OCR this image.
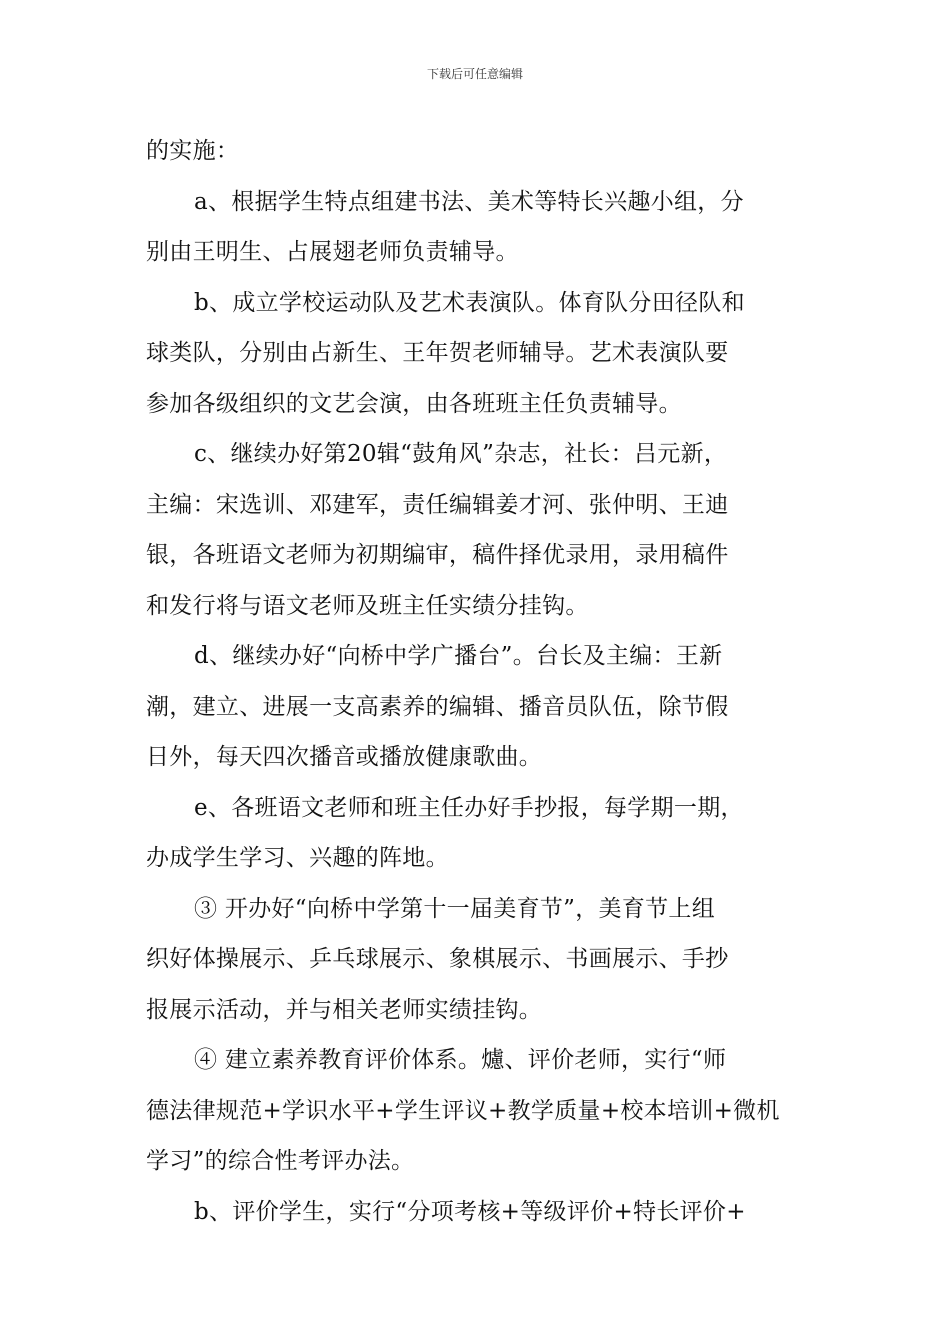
下载后可任意编辑
的实施：
a、根据学生特点组建书法、美术等特长兴趣小组，分
别由王明生、占展翅老师负责辅导。
b、成立学校运动队及艺术表演队。体育队分田径队和
球类队，分别由占新生、王年贺老师辅导。艺术表演队要
参加各级组织的文艺会演，由各班班主任负责辅导。
c、继续办好第20辑“鼓角风”杂志，社长：吕元新，
主编：宋选训、邓建军，责任编辑姜才河、张仲明、王迪
银，各班语文老师为初期编审，稿件择优录用，录用稿件
和发行将与语文老师及班主任实绩分挂钩。
d、继续办好“向桥中学广播台”。台长及主编：王新
潮，建立、进展一支高素养的编辑、播音员队伍，除节假
日外，每天四次播音或播放健康歌曲。
e、各班语文老师和班主任办好手抄报，每学期一期，
办成学生学习、兴趣的阵地。
③ 开办好“向桥中学第十一届美育节”，美育节上组
织好体操展示、乒乓球展示、象棋展示、书画展示、手抄
报展示活动，并与相关老师实绩挂钩。
④ 建立素养教育评价体系。爈、评价老师，实行“师
德法律规范+学识水平+学生评议+教学质量+校本培训+微机
学习”的综合性考评办法。
b、评价学生，实行“分项考核+等级评价+特长评价+
